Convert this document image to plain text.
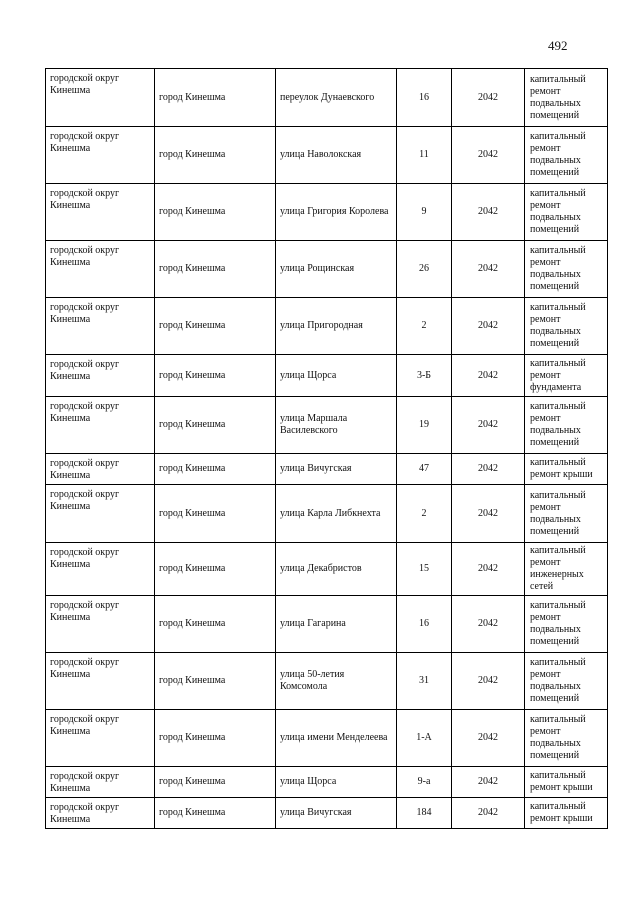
492
городской округ Кинешма	город Кинешма	переулок Дунаевского	16	2042	капитальный ремонт подвальных помещений
городской округ Кинешма	город Кинешма	улица Наволокская	11	2042	капитальный ремонт подвальных помещений
городской округ Кинешма	город Кинешма	улица Григория Королева	9	2042	капитальный ремонт подвальных помещений
городской округ Кинешма	город Кинешма	улица Рощинская	26	2042	капитальный ремонт подвальных помещений
городской округ Кинешма	город Кинешма	улица Пригородная	2	2042	капитальный ремонт подвальных помещений
городской округ Кинешма	город Кинешма	улица Щорса	3-Б	2042	капитальный ремонт фундамента
городской округ Кинешма	город Кинешма	улица Маршала Василевского	19	2042	капитальный ремонт подвальных помещений
городской округ Кинешма	город Кинешма	улица Вичугская	47	2042	капитальный ремонт крыши
городской округ Кинешма	город Кинешма	улица Карла Либкнехта	2	2042	капитальный ремонт подвальных помещений
городской округ Кинешма	город Кинешма	улица Декабристов	15	2042	капитальный ремонт инженерных сетей
городской округ Кинешма	город Кинешма	улица Гагарина	16	2042	капитальный ремонт подвальных помещений
городской округ Кинешма	город Кинешма	улица 50-летия Комсомола	31	2042	капитальный ремонт подвальных помещений
городской округ Кинешма	город Кинешма	улица имени Менделеева	1-А	2042	капитальный ремонт подвальных помещений
городской округ Кинешма	город Кинешма	улица Щорса	9-а	2042	капитальный ремонт крыши
городской округ Кинешма	город Кинешма	улица Вичугская	184	2042	капитальный ремонт крыши
